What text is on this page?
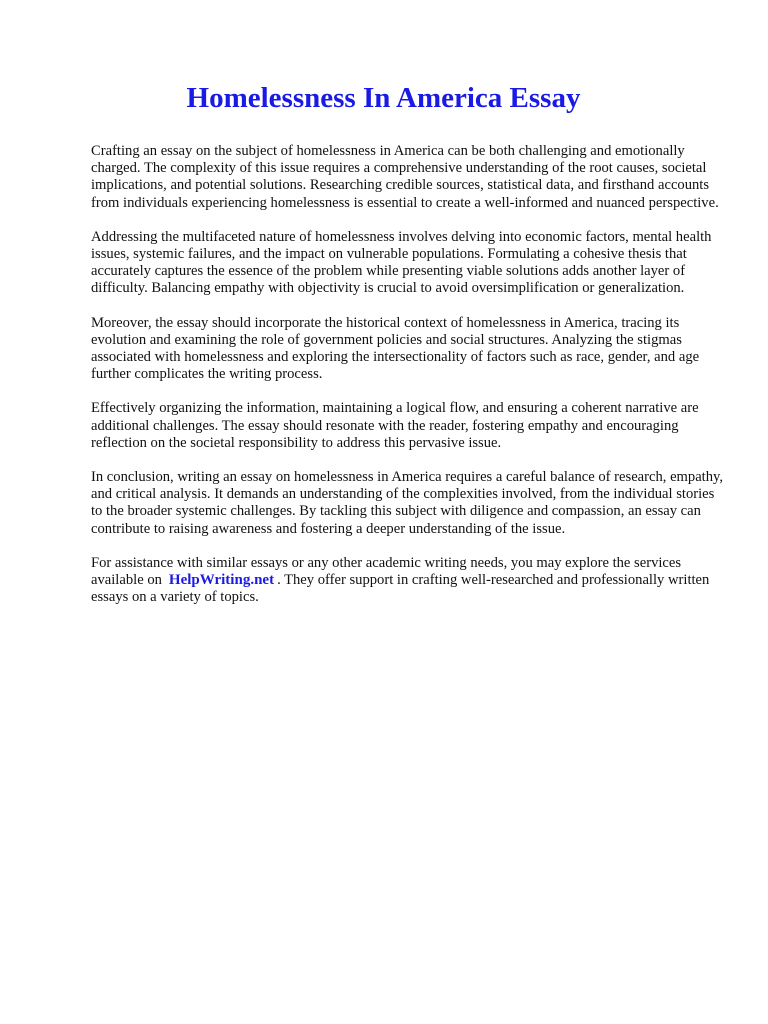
Homelessness In America Essay

Crafting an essay on the subject of homelessness in America can be both challenging and emotionally charged. The complexity of this issue requires a comprehensive understanding of the root causes, societal implications, and potential solutions. Researching credible sources, statistical data, and firsthand accounts from individuals experiencing homelessness is essential to create a well-informed and nuanced perspective.

Addressing the multifaceted nature of homelessness involves delving into economic factors, mental health issues, systemic failures, and the impact on vulnerable populations. Formulating a cohesive thesis that accurately captures the essence of the problem while presenting viable solutions adds another layer of difficulty. Balancing empathy with objectivity is crucial to avoid oversimplification or generalization.

Moreover, the essay should incorporate the historical context of homelessness in America, tracing its evolution and examining the role of government policies and social structures. Analyzing the stigmas associated with homelessness and exploring the intersectionality of factors such as race, gender, and age further complicates the writing process.

Effectively organizing the information, maintaining a logical flow, and ensuring a coherent narrative are additional challenges. The essay should resonate with the reader, fostering empathy and encouraging reflection on the societal responsibility to address this pervasive issue.

In conclusion, writing an essay on homelessness in America requires a careful balance of research, empathy, and critical analysis. It demands an understanding of the complexities involved, from the individual stories to the broader systemic challenges. By tackling this subject with diligence and compassion, an essay can contribute to raising awareness and fostering a deeper understanding of the issue.

For assistance with similar essays or any other academic writing needs, you may explore the services available on HelpWriting.net . They offer support in crafting well-researched and professionally written essays on a variety of topics.
